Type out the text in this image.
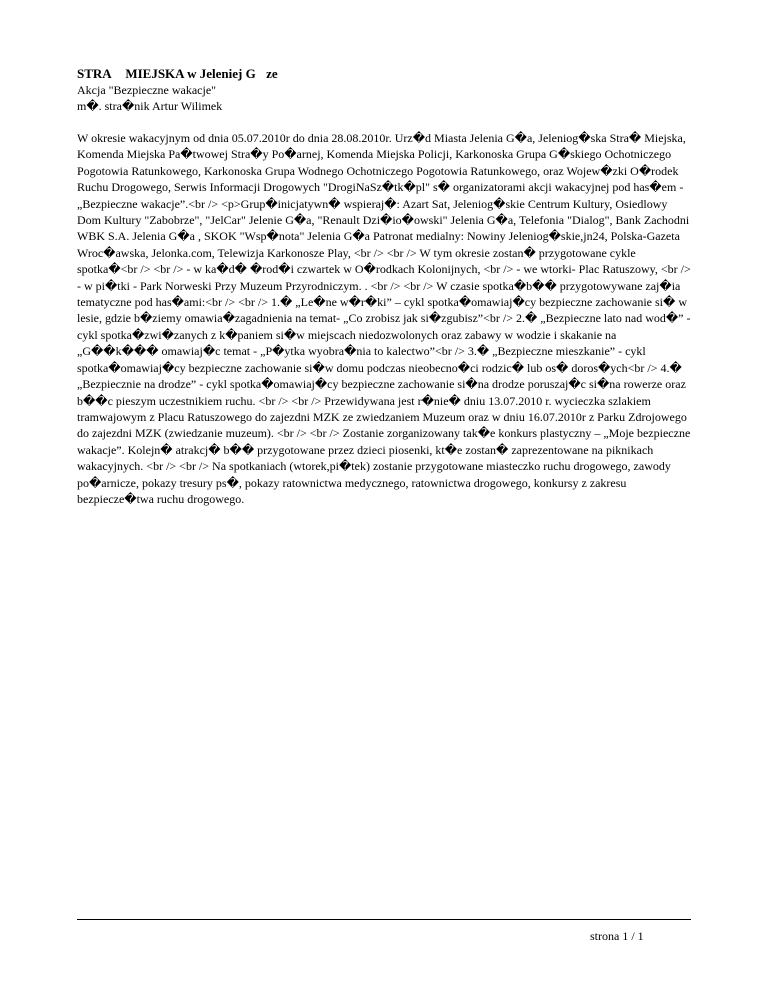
STRA MIEJSKA w Jeleniej Gze

Akcja "Bezpieczne wakacje"

m�. stra�nik Artur Wilimek

W okresie wakacyjnym od dnia 05.07.2010r do dnia 28.08.2010r. Urz�d Miasta Jelenia G�a, Jeleniog�ska Stra� Miejska, Komenda Miejska Pa�twowej Stra�y Po�arnej, Komenda Miejska Policji, Karkonoska Grupa G�skiego Ochotniczego Pogotowia Ratunkowego, Karkonoska Grupa Wodnego Ochotniczego Pogotowia Ratunkowego, oraz Wojew�zki O�rodek Ruchu Drogowego, Serwis Informacji Drogowych "DrogiNaSz�tk�pl" s� organizatorami akcji wakacyjnej pod has�em - „Bezpieczne wakacje”.<br /> <p>Grup�inicjatywn� wspieraj�: Azart Sat, Jeleniog�skie Centrum Kultury, Osiedlowy Dom Kultury "Zabobrze", "JelCar" Jelenie G�a, "Renault Dzi�io�owski" Jelenia G�a, Telefonia "Dialog", Bank Zachodni WBK S.A. Jelenia G�a , SKOK "Wsp�nota" Jelenia G�a Patronat medialny: Nowiny Jeleniog�skie,jn24, Polska-Gazeta Wroc�awska, Jelonka.com, Telewizja Karkonosze Play, <br /> <br /> W tym okresie zostan� przygotowane cykle spotka�<br /> <br /> - w ka�d� �rod�i czwartek w O�rodkach Kolonijnych, <br /> - we wtorki- Plac Ratuszowy, <br /> - w pi�tki - Park Norweski Przy Muzeum Przyrodniczym. . <br /> <br /> W czasie spotka�b�� przygotowywane zaj�ia tematyczne pod has�ami:<br /> <br /> 1.� „Le�ne w�r�ki” – cykl spotka�omawiaj�cy bezpieczne zachowanie si� w lesie, gdzie b�ziemy omawia�zagadnienia na temat- „Co zrobisz jak si�zgubisz”<br /> 2.� „Bezpieczne lato nad wod�” - cykl spotka�zwi�zanych z k�paniem si�w miejscach niedozwolonych oraz zabawy w wodzie i skakanie na „G��k��� omawiaj�c temat - „P�ytka wyobra�nia to kalectwo”<br /> 3.� „Bezpieczne mieszkanie” - cykl spotka�omawiaj�cy bezpieczne zachowanie si�w domu podczas nieobecno�ci rodzic� lub os� doros�ych<br /> 4.� „Bezpiecznie na drodze” - cykl spotka�omawiaj�cy bezpieczne zachowanie si�na drodze poruszaj�c si�na rowerze oraz b��c pieszym uczestnikiem ruchu. <br /> <br /> Przewidywana jest r�nie� dniu 13.07.2010 r. wycieczka szlakiem tramwajowym z Placu Ratuszowego do zajezdni MZK ze zwiedzaniem Muzeum oraz w dniu 16.07.2010r z Parku Zdrojowego do zajezdni MZK (zwiedzanie muzeum). <br /> <br /> Zostanie zorganizowany tak�e konkurs plastyczny – „Moje bezpieczne wakacje”. Kolejn� atrakcj� b�� przygotowane przez dzieci piosenki, kt�e zostan� zaprezentowane na piknikach wakacyjnych. <br /> <br /> Na spotkaniach (wtorek,pi�tek) zostanie przygotowane miasteczko ruchu drogowego, zawody po�arnicze, pokazy tresury ps�, pokazy ratownictwa medycznego, ratownictwa drogowego, konkursy z zakresu bezpiecze�twa ruchu drogowego.

strona 1 / 1
